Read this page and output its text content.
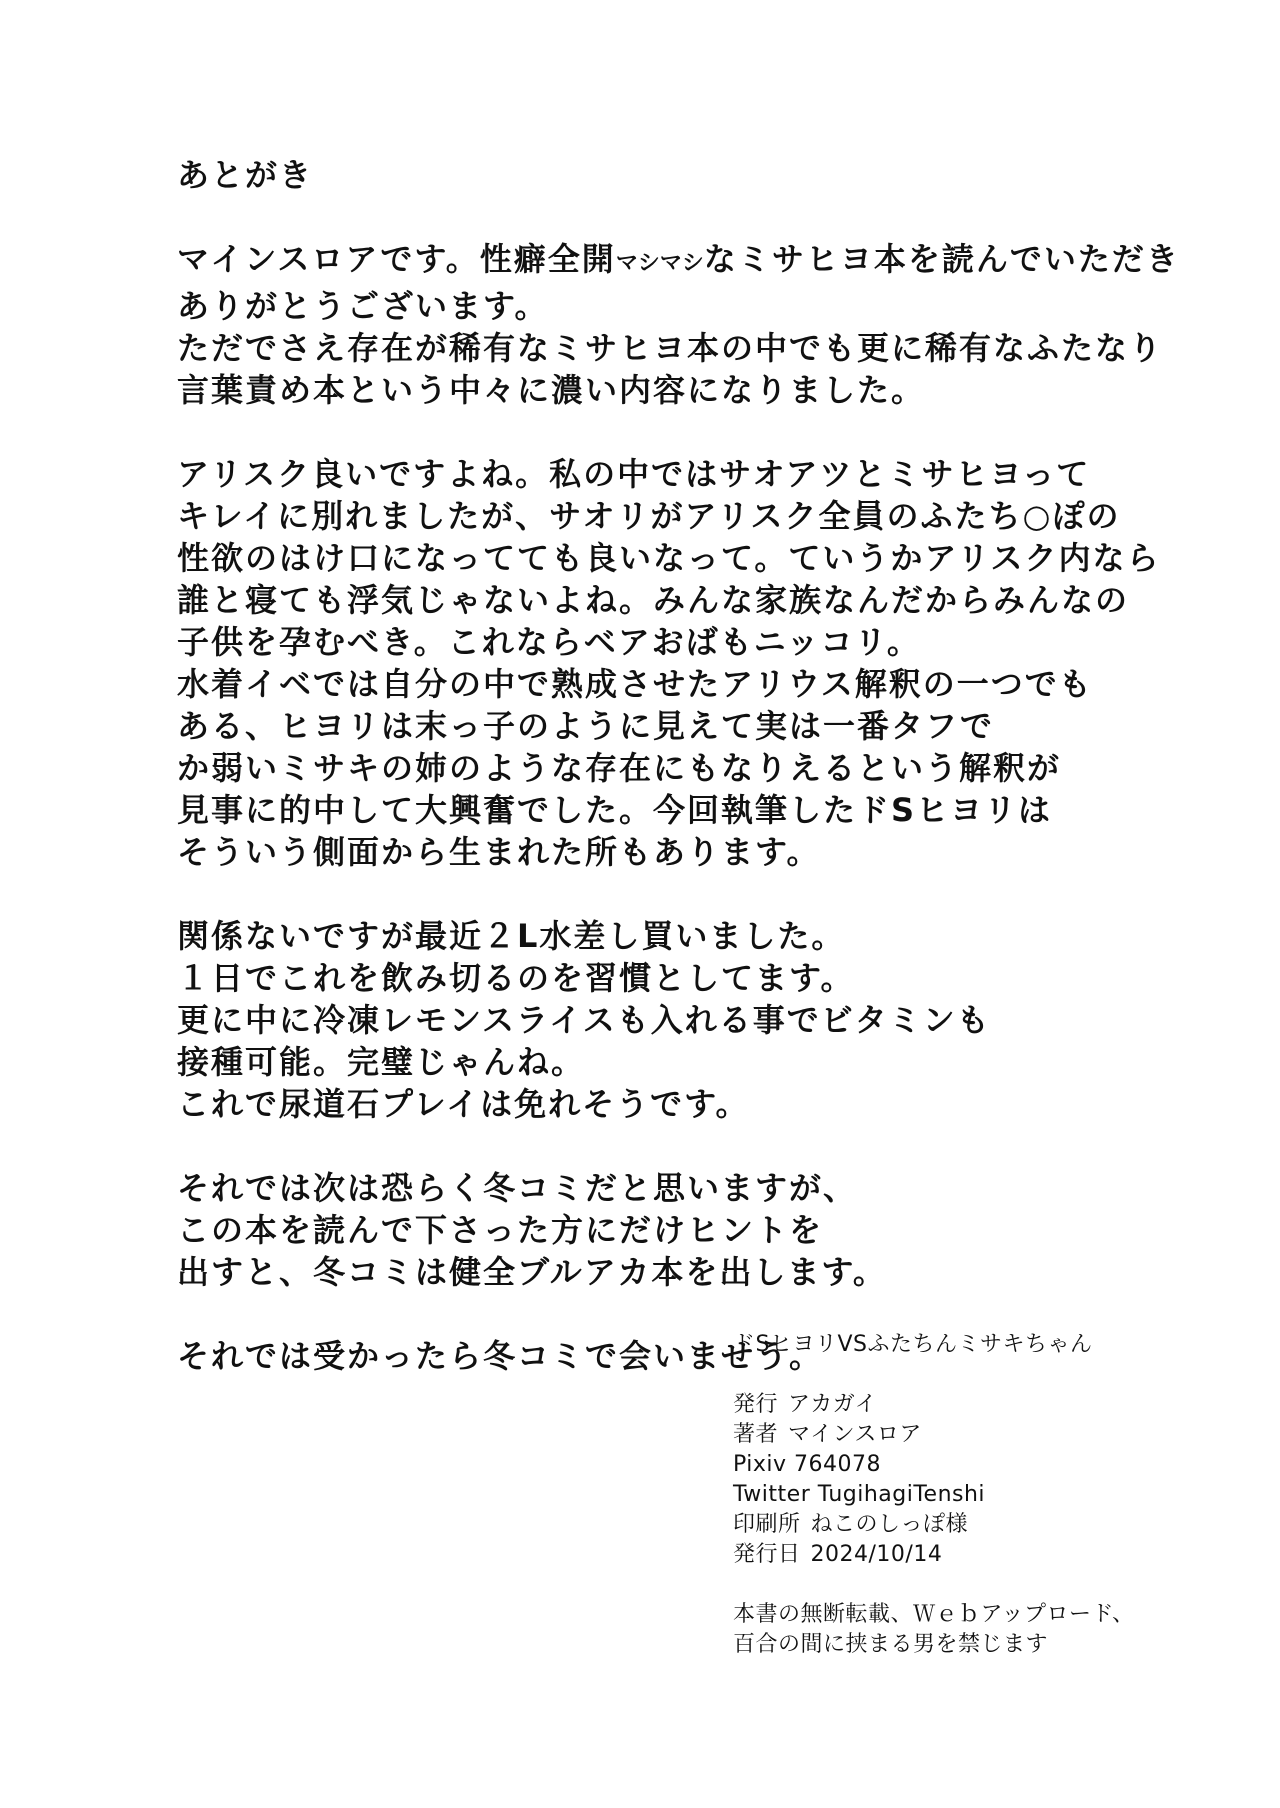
あとがき
マインスロアです。性癖全開マシマシなミサヒヨ本を読んでいただき
ありがとうございます。
ただでさえ存在が稀有なミサヒヨ本の中でも更に稀有なふたなり
言葉責め本という中々に濃い内容になりました。
アリスク良いですよね。私の中ではサオアツとミサヒヨって
キレイに別れましたが、サオリがアリスク全員のふたち○ぽの
性欲のはけ口になってても良いなって。ていうかアリスク内なら
誰と寝ても浮気じゃないよね。みんな家族なんだからみんなの
子供を孕むべき。これならベアおばもニッコリ。
水着イベでは自分の中で熟成させたアリウス解釈の一つでも
ある、ヒヨリは末っ子のように見えて実は一番タフで
か弱いミサキの姉のような存在にもなりえるという解釈が
見事に的中して大興奮でした。今回執筆したドSヒヨリは
そういう側面から生まれた所もあります。
関係ないですが最近２L水差し買いました。
１日でこれを飲み切るのを習慣としてます。
更に中に冷凍レモンスライスも入れる事でビタミンも
接種可能。完璧じゃんね。
これで尿道石プレイは免れそうです。
それでは次は恐らく冬コミだと思いますが、
この本を読んで下さった方にだけヒントを
出すと、冬コミは健全ブルアカ本を出します。
それでは受かったら冬コミで会いませう。
ドSヒヨリVSふたちんミサキちゃん
発行 アカガイ
著者 マインスロア
Pixiv 764078
Twitter TugihagiTenshi
印刷所 ねこのしっぽ様
発行日 2024/10/14
本書の無断転載、Ｗｅｂアップロード、
百合の間に挟まる男を禁じます
